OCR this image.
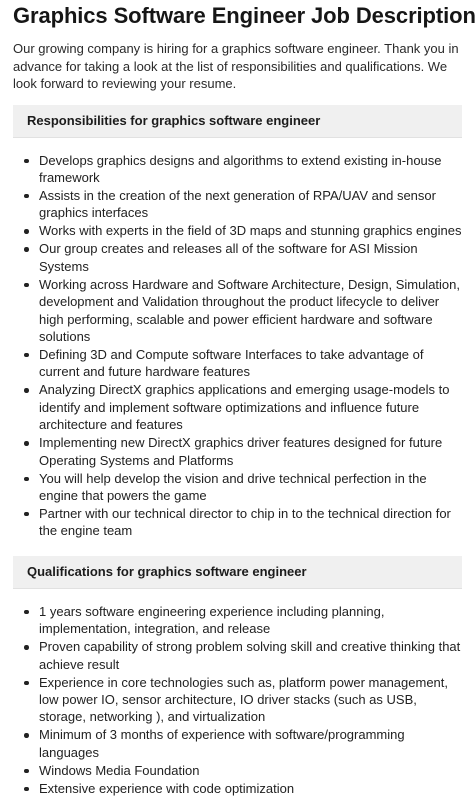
Graphics Software Engineer Job Description

Our growing company is hiring for a graphics software engineer. Thank you in advance for taking a look at the list of responsibilities and qualifications. We look forward to reviewing your resume.

Responsibilities for graphics software engineer
Develops graphics designs and algorithms to extend existing in-house framework
Assists in the creation of the next generation of RPA/UAV and sensor graphics interfaces
Works with experts in the field of 3D maps and stunning graphics engines
Our group creates and releases all of the software for ASI Mission Systems
Working across Hardware and Software Architecture, Design, Simulation, development and Validation throughout the product lifecycle to deliver high performing, scalable and power efficient hardware and software solutions
Defining 3D and Compute software Interfaces to take advantage of current and future hardware features
Analyzing DirectX graphics applications and emerging usage-models to identify and implement software optimizations and influence future architecture and features
Implementing new DirectX graphics driver features designed for future Operating Systems and Platforms
You will help develop the vision and drive technical perfection in the engine that powers the game
Partner with our technical director to chip in to the technical direction for the engine team
Qualifications for graphics software engineer
1 years software engineering experience including planning, implementation, integration, and release
Proven capability of strong problem solving skill and creative thinking that achieve result
Experience in core technologies such as, platform power management, low power IO, sensor architecture, IO driver stacks (such as USB, storage, networking ), and virtualization
Minimum of 3 months of experience with software/programming languages
Windows Media Foundation
Extensive experience with code optimization
